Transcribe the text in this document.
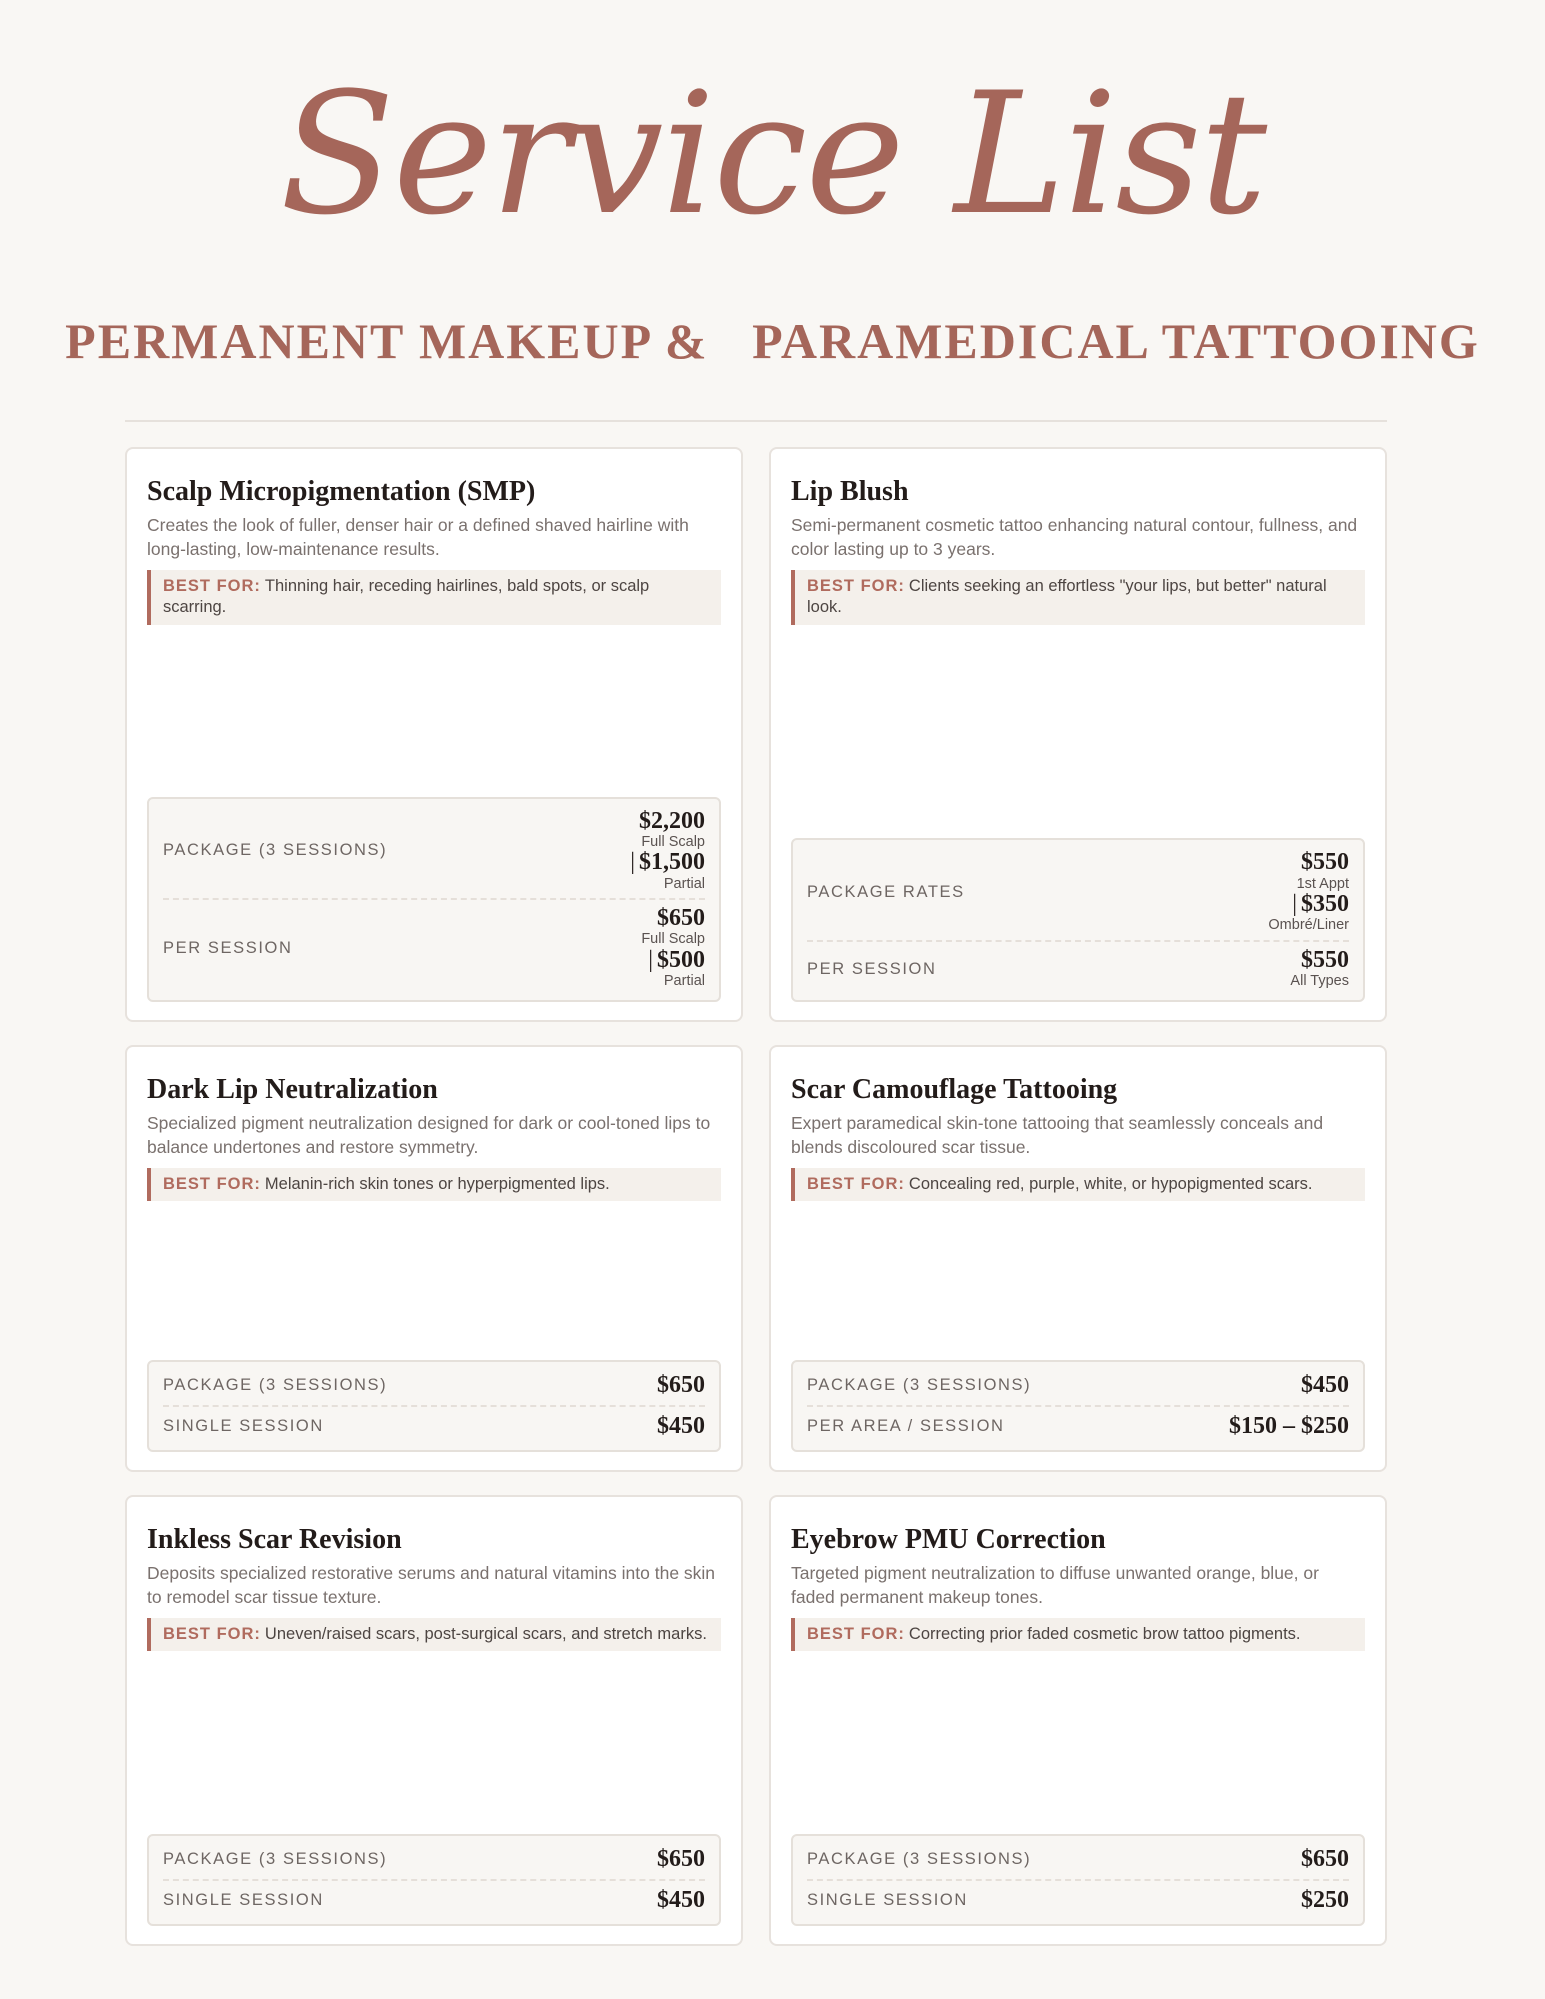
Service List
PERMANENT MAKEUP &   PARAMEDICAL TATTOOING
Scalp Micropigmentation (SMP)
Creates the look of fuller, denser hair or a defined shaved hairline with long-lasting, low-maintenance results.
BEST FOR: Thinning hair, receding hairlines, bald spots, or scalp scarring.
PACKAGE (3 SESSIONS)
$2,200
Full Scalp
| $1,500
Partial
PER SESSION
$650
Full Scalp
| $500
Partial
Lip Blush
Semi-permanent cosmetic tattoo enhancing natural contour, fullness, and color lasting up to 3 years.
BEST FOR: Clients seeking an effortless "your lips, but better" natural look.
PACKAGE RATES
$550
1st Appt
| $350
Ombré/Liner
PER SESSION	$550
All Types
Dark Lip Neutralization
Specialized pigment neutralization designed for dark or cool-toned lips to balance undertones and restore symmetry.
BEST FOR: Melanin-rich skin tones or hyperpigmented lips.
PACKAGE (3 SESSIONS)	$650
SINGLE SESSION	$450
Scar Camouflage Tattooing
Expert paramedical skin-tone tattooing that seamlessly conceals and blends discoloured scar tissue.
BEST FOR: Concealing red, purple, white, or hypopigmented scars.
PACKAGE (3 SESSIONS)	$450
PER AREA / SESSION	$150 – $250
Inkless Scar Revision
Deposits specialized restorative serums and natural vitamins into the skin to remodel scar tissue texture.
BEST FOR: Uneven/raised scars, post-surgical scars, and stretch marks.
PACKAGE (3 SESSIONS)	$650
SINGLE SESSION	$450
Eyebrow PMU Correction
Targeted pigment neutralization to diffuse unwanted orange, blue, or faded permanent makeup tones.
BEST FOR: Correcting prior faded cosmetic brow tattoo pigments.
PACKAGE (3 SESSIONS)	$650
SINGLE SESSION	$250
